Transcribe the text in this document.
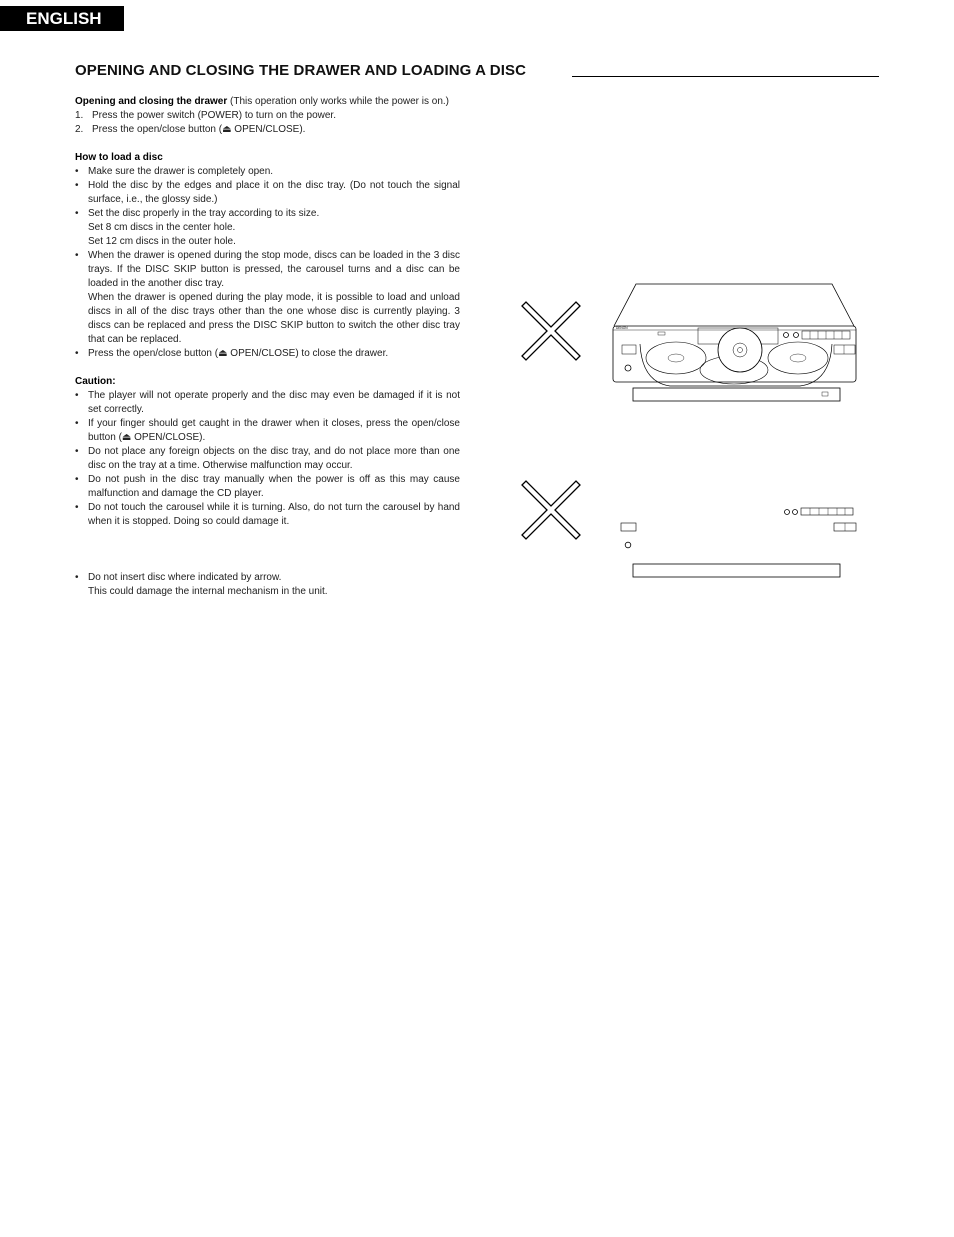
ENGLISH
OPENING AND CLOSING THE DRAWER AND LOADING A DISC

Opening and closing the drawer (This operation only works while the power is on.)

1. Press the power switch (POWER) to turn on the power.
2. Press the open/close button (⏏ OPEN/CLOSE).

How to load a disc

• Make sure the drawer is completely open.
• Hold the disc by the edges and place it on the disc tray. (Do not touch the signal surface, i.e., the glossy side.)
• Set the disc properly in the tray according to its size.
Set 8 cm discs in the center hole.
Set 12 cm discs in the outer hole.
• When the drawer is opened during the stop mode, discs can be loaded in the 3 disc trays. If the DISC SKIP button is pressed, the carousel turns and a disc can be loaded in the another disc tray.
When the drawer is opened during the play mode, it is possible to load and unload discs in all of the disc trays other than the one whose disc is currently playing. 3 discs can be replaced and press the DISC SKIP button to switch the other disc tray that can be replaced.
• Press the open/close button (⏏ OPEN/CLOSE) to close the drawer.

Caution:

• The player will not operate properly and the disc may even be damaged if it is not set correctly.
• If your finger should get caught in the drawer when it closes, press the open/close button (⏏ OPEN/CLOSE).
• Do not place any foreign objects on the disc tray, and do not place more than one disc on the tray at a time. Otherwise malfunction may occur.
• Do not push in the disc tray manually when the power is off as this may cause malfunction and damage the CD player.
• Do not touch the carousel while it is turning. Also, do not turn the carousel by hand when it is stopped. Doing so could damage it.
• Do not insert disc where indicated by arrow.
This could damage the internal mechanism in the unit.
DENON
